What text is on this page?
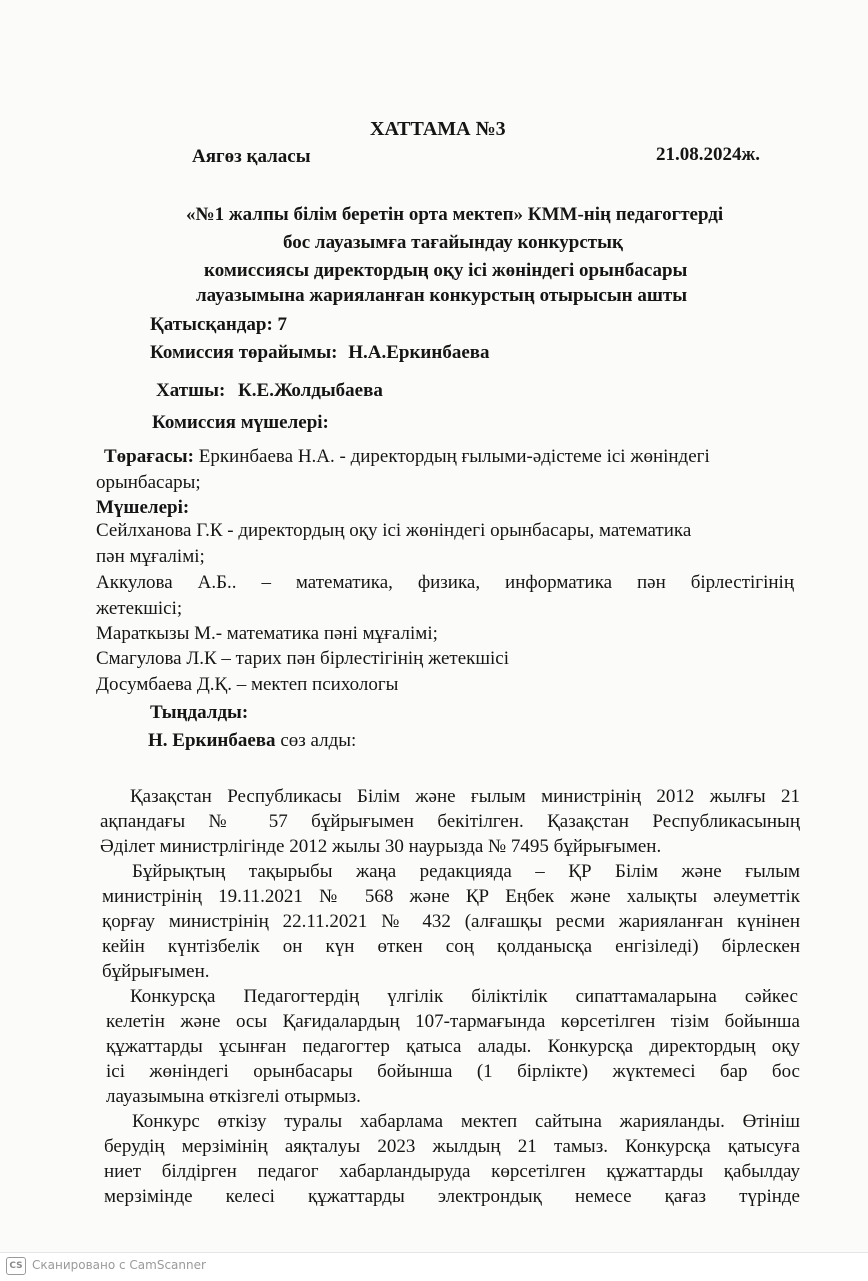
ХАТТАМА №3
Аягөз қаласы	21.08.2024ж.
«№1 жалпы білім беретін орта мектеп» КММ-нің педагогтерді
бос лауазымға тағайындау конкурстық
комиссиясы директордың оқу ісі жөніндегі орынбасары
лауазымына жарияланған конкурстың отырысын ашты
Қатысқандар: 7
Комиссия төрайымы: Н.А.Еркинбаева
Хатшы: К.Е.Жолдыбаева
Комиссия мүшелері:
Төрағасы: Еркинбаева Н.А. - директордың ғылыми-әдістеме ісі жөніндегі
орынбасары;
Мүшелері:
Сейлханова Г.К - директордың оқу ісі жөніндегі орынбасары, математика
пән мұғалімі;
Аккулова А.Б.. – математика, физика, информатика пән бірлестігінің
жетекшісі;
Мараткызы М.- математика пәні мұғалімі;
Смагулова Л.К – тарих пән бірлестігінің жетекшісі
Досумбаева Д.Қ. – мектеп психологы
Тыңдалды:
Н. Еркинбаева сөз алды:
Қазақстан Республикасы Білім және ғылым министрінің 2012 жылғы 21
ақпандағы № 57 бұйрығымен бекітілген. Қазақстан Республикасының
Әділет министрлігінде 2012 жылы 30 наурызда № 7495 бұйрығымен.
Бұйрықтың тақырыбы жаңа редакцияда – ҚР Білім және ғылым
министрінің 19.11.2021 № 568 және ҚР Еңбек және халықты әлеуметтік
қорғау министрінің 22.11.2021 № 432 (алғашқы ресми жарияланған күнінен
кейін күнтізбелік он күн өткен соң қолданысқа енгізіледі) бірлескен
бұйрығымен.
Конкурсқа Педагогтердің үлгілік біліктілік сипаттамаларына сәйкес
келетін және осы Қағидалардың 107-тармағында көрсетілген тізім бойынша
құжаттарды ұсынған педагогтер қатыса алады. Конкурсқа директордың оқу
ісі жөніндегі орынбасары бойынша (1 бірлікте) жүктемесі бар бос
лауазымына өткізгелі отырмыз.
Конкурс өткізу туралы хабарлама мектеп сайтына жарияланды. Өтініш
берудің мерзімінің аяқталуы 2023 жылдың 21 тамыз. Конкурсқа қатысуға
ниет білдірген педагог хабарландыруда көрсетілген құжаттарды қабылдау
мерзімінде келесі құжаттарды электрондық немесе қағаз түрінде
CS Сканировано с CamScanner
